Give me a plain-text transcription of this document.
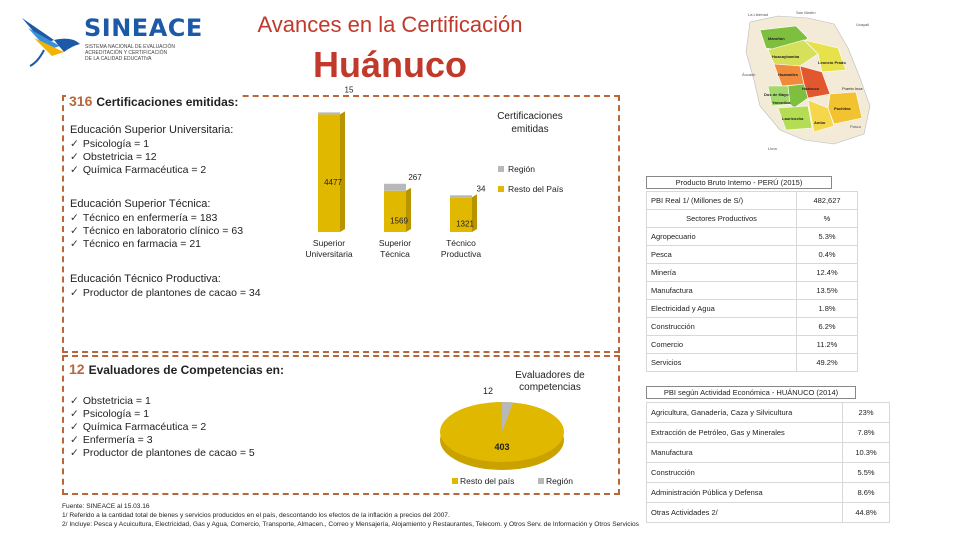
SINEACE
SISTEMA NACIONAL DE EVALUACIÓN
ACREDITACIÓN Y CERTIFICACIÓN
DE LA CALIDAD EDUCATIVA
Avances en la Certificación
Huánuco
La Libertad	San Martín
Marañón
Huacaybamba
Leoncio Prado
Huamalíes
Dos de Mayo
Huánuco
Yarowilca
Lauricocha
Ambo
Pachitea
Puerto Inca
Ucayali
Pasco
Lima
Áncash
316 Certificaciones emitidas:
Educación Superior Universitaria:
✓ Psicología = 1
✓ Obstetricia = 12
✓ Química Farmacéutica = 2
Educación Superior Técnica:
✓ Técnico en enfermería = 183
✓ Técnico en laboratorio clínico = 63
✓ Técnico en farmacia = 21
Educación Técnico Productiva:
✓ Productor de plantones de cacao = 34
Certificaciones emitidas
4477
15
Superior Universitaria
1569
267
Superior Técnica
1321
34
Técnico Productiva
Región
Resto del País
12 Evaluadores de Competencias en:
✓ Obstetricia = 1
✓ Psicología = 1
✓ Química Farmacéutica = 2
✓ Enfermería = 3
✓ Productor de plantones de cacao = 5	403
12
Evaluadores de competencias
Resto del país	Región
Producto Bruto Interno - PERÚ (2015)
PBI Real 1/ (Millones de S/)	482,627
Sectores Productivos	%
Agropecuario	5.3%
Pesca	0.4%
Minería	12.4%
Manufactura	13.5%
Electricidad y Agua	1.8%
Construcción	6.2%
Comercio	11.2%
Servicios	49.2%
PBI según Actividad Económica - HUÁNUCO (2014)
Agricultura, Ganadería, Caza y Silvicultura	23%
Extracción de Petróleo, Gas y Minerales	7.8%
Manufactura	10.3%
Construcción	5.5%
Administración Pública y Defensa	8.6%
Otras Actividades 2/	44.8%
Fuente: SINEACE al 15.03.16
1/ Referido a la cantidad total de bienes y servicios producidos en el país, descontando los efectos de la inflación a precios del 2007.
2/ Incluye: Pesca y Acuicultura, Electricidad, Gas y Agua, Comercio, Transporte, Almacen., Correo y Mensajería, Alojamiento y Restaurantes, Telecom. y Otros Serv. de Información y Otros Servicios
